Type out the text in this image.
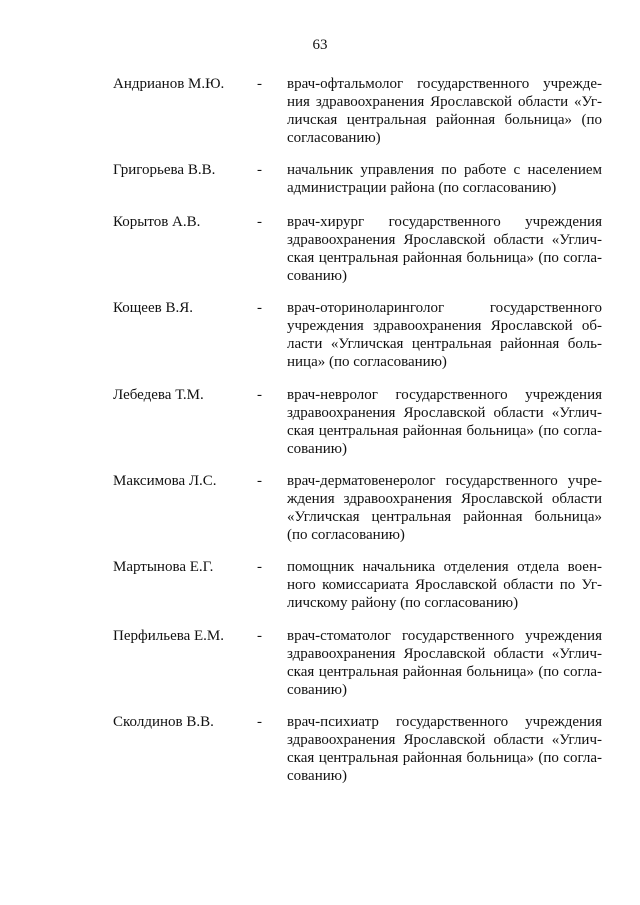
63
Андрианов М.Ю. - врач-офтальмолог государственного учрежде-
ния здравоохранения Ярославской области «Уг-
личская центральная районная больница» (по
согласованию)
Григорьева В.В.	- начальник управления по работе с населением
администрации района (по согласованию)
Корытов А.В.	- врач-хирург государственного учреждения
здравоохранения Ярославской области «Углич-
ская центральная районная больница» (по согла-
сованию)
Кощеев В.Я.	- врач-оториноларинголог государственного
учреждения здравоохранения Ярославской об-
ласти «Угличская центральная районная боль-
ница» (по согласованию)
Лебедева Т.М.	- врач-невролог государственного учреждения
здравоохранения Ярославской области «Углич-
ская центральная районная больница» (по согла-
сованию)
Максимова Л.С.	- врач-дерматовенеролог государственного учре-
ждения здравоохранения Ярославской области
«Угличская центральная районная больница»
(по согласованию)
Мартынова Е.Г.	- помощник начальника отделения отдела воен-
ного комиссариата Ярославской области по Уг-
личскому району (по согласованию)
Перфильева Е.М. - врач-стоматолог государственного учреждения
здравоохранения Ярославской области «Углич-
ская центральная районная больница» (по согла-
сованию)
Сколдинов В.В.	- врач-психиатр государственного учреждения
здравоохранения Ярославской области «Углич-
ская центральная районная больница» (по согла-
сованию)
